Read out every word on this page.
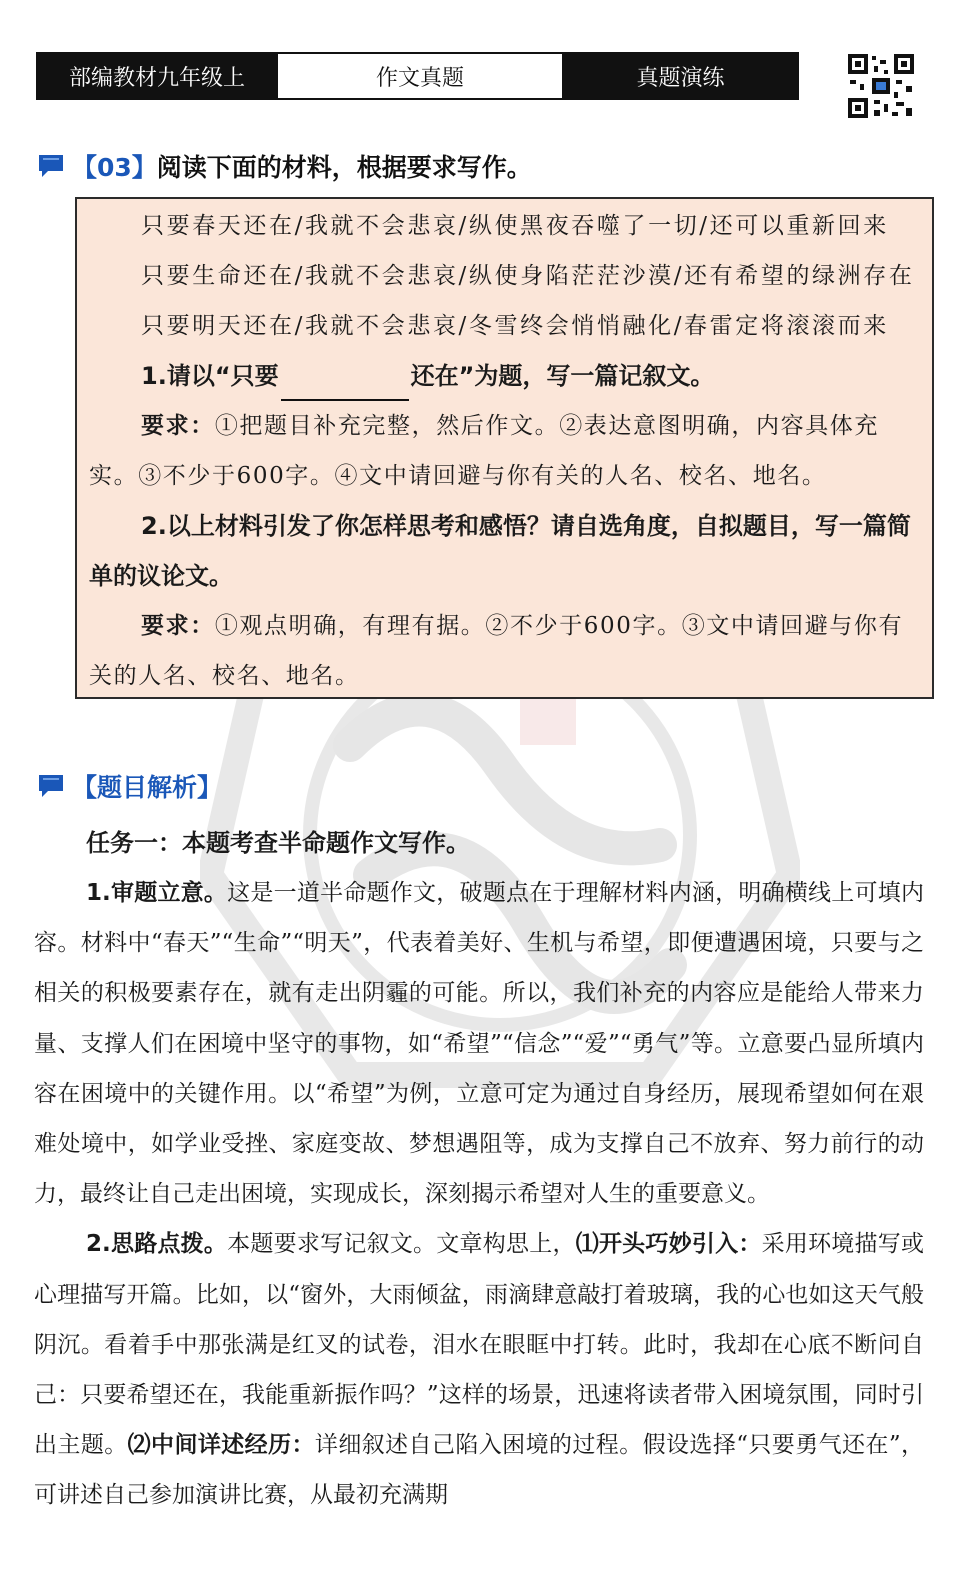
部编教材九年级上	作文真题	真题演练
【03】阅读下面的材料，根据要求写作。
只要春天还在/我就不会悲哀/纵使黑夜吞噬了一切/还可以重新回来
只要生命还在/我就不会悲哀/纵使身陷茫茫沙漠/还有希望的绿洲存在
只要明天还在/我就不会悲哀/冬雪终会悄悄融化/春雷定将滚滚而来
1.请以“只要	还在”为题，写一篇记叙文。
要求：①把题目补充完整，然后作文。②表达意图明确，内容具体充实。③不少于600字。④文中请回避与你有关的人名、校名、地名。
2.以上材料引发了你怎样思考和感悟？请自选角度，自拟题目，写一篇简单的议论文。
要求：①观点明确，有理有据。②不少于600字。③文中请回避与你有关的人名、校名、地名。
【题目解析】
任务一：本题考查半命题作文写作。

1.审题立意。这是一道半命题作文，破题点在于理解材料内涵，明确横线上可填内容。材料中“春天”“生命”“明天”，代表着美好、生机与希望，即便遭遇困境，只要与之相关的积极要素存在，就有走出阴霾的可能。所以，我们补充的内容应是能给人带来力量、支撑人们在困境中坚守的事物，如“希望”“信念”“爱”“勇气”等。立意要凸显所填内容在困境中的关键作用。以“希望”为例，立意可定为通过自身经历，展现希望如何在艰难处境中，如学业受挫、家庭变故、梦想遇阻等，成为支撑自己不放弃、努力前行的动力，最终让自己走出困境，实现成长，深刻揭示希望对人生的重要意义。

2.思路点拨。本题要求写记叙文。文章构思上，⑴开头巧妙引入：采用环境描写或心理描写开篇。比如，以“窗外，大雨倾盆，雨滴肆意敲打着玻璃，我的心也如这天气般阴沉。看着手中那张满是红叉的试卷，泪水在眼眶中打转。此时，我却在心底不断问自己：只要希望还在，我能重新振作吗？”这样的场景，迅速将读者带入困境氛围，同时引出主题。⑵中间详述经历：详细叙述自己陷入困境的过程。假设选择“只要勇气还在”，可讲述自己参加演讲比赛，从最初充满期
